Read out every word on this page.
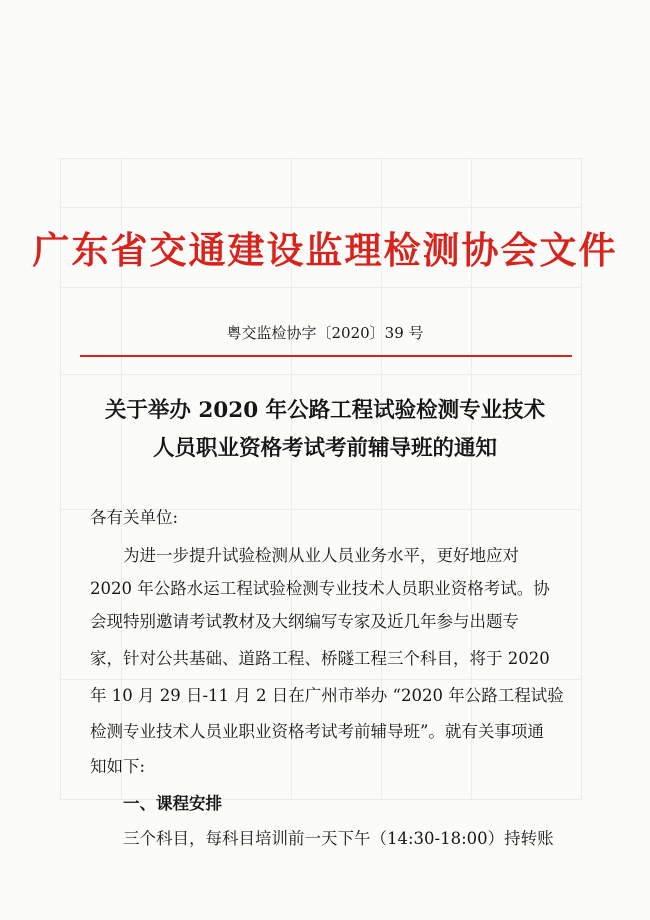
广东省交通建设监理检测协会文件
粤交监检协字〔2020〕39 号
关于举办 2020 年公路工程试验检测专业技术
人员职业资格考试考前辅导班的通知
各有关单位:
为进一步提升试验检测从业人员业务水平，更好地应对
2020 年公路水运工程试验检测专业技术人员职业资格考试。协
会现特别邀请考试教材及大纲编写专家及近几年参与出题专
家，针对公共基础、道路工程、桥隧工程三个科目，将于 2020
年 10 月 29 日-11 月 2 日在广州市举办 “2020 年公路工程试验
检测专业技术人员业职业资格考试考前辅导班”。就有关事项通
知如下:
一、课程安排
三个科目，每科目培训前一天下午（14:30-18:00）持转账
